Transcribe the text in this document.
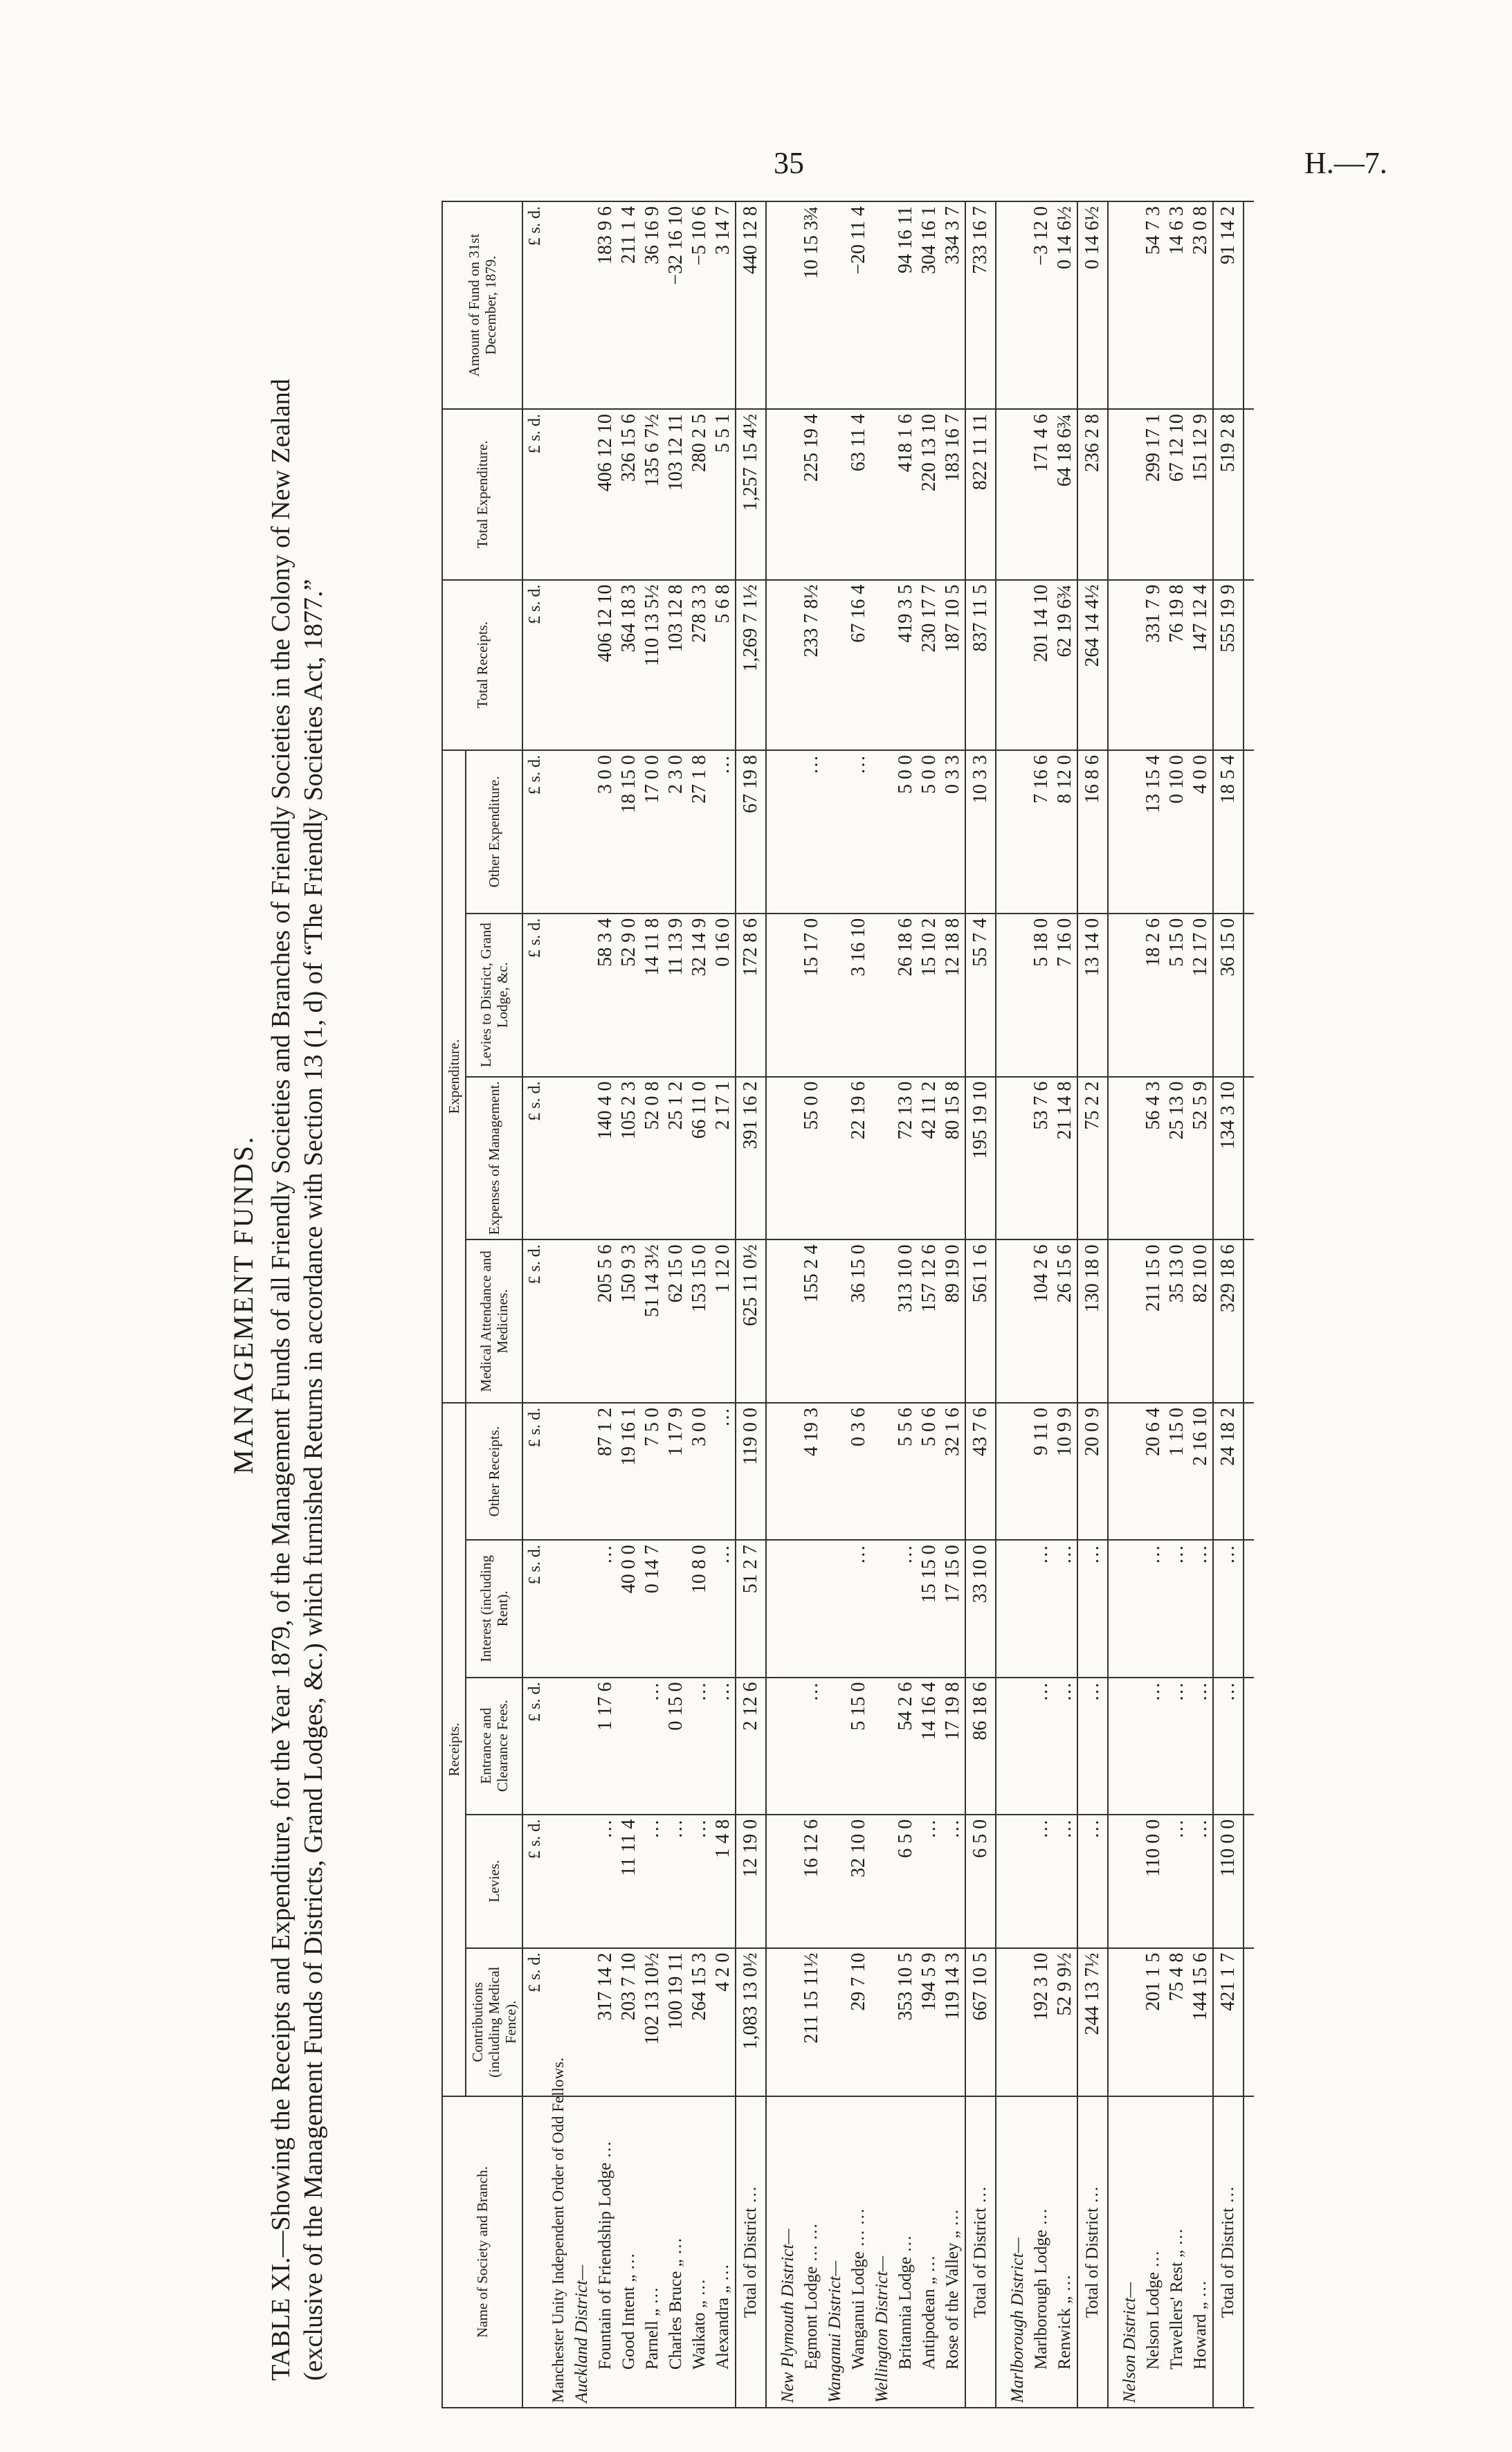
35	H.—7.
MANAGEMENT FUNDS. TABLE XI.—Showing the Receipts and Expenditure, for the Year 1879, of the Management Funds of all Friendly Societies and Branches of Friendly Societies in the Colony of New Zealand (exclusive of the Management Funds of Districts, Grand Lodges, &c.) which furnished Returns in accordance with Section 13 (1, d) of “The Friendly Societies Act, 1877.”	Name of Society and Branch.	Receipts.					Expenditure.				Total Receipts.	Total Expenditure.	Amount of Fund on 31st December, 1879.
	Contributions (including Medical Fence).	Levies.	Entrance and Clearance Fees.	Interest (including Rent).	Other Receipts.	Medical Attendance and Medicines.	Expenses of Management.	Levies to District, Grand Lodge, &c.	Other Expenditure.			
	£ s. d.	£ s. d.	£ s. d.	£ s. d.	£ s. d.	£ s. d.	£ s. d.	£ s. d.	£ s. d.	£ s. d.	£ s. d.	£ s. d.
Manchester Unity Independent Order of Odd Fellows.												
Auckland District—												
Fountain of Friendship Lodge …	317 14 2	…	1 17 6	…	87 1 2	205 5 6	140 4 0	58 3 4	3 0 0	406 12 10	406 12 10	183 9 6
Good Intent „ …	203 7 10	11 11 4		40 0 0	19 16 1	150 9 3	105 2 3	52 9 0	18 15 0	364 18 3	326 15 6	211 1 4
Parnell „ …	102 13 10½	…	…	0 14 7	7 5 0	51 14 3½	52 0 8	14 11 8	17 0 0	110 13 5½	135 6 7½	36 16 9
Charles Bruce „ …	100 19 11	…	0 15 0		1 17 9	62 15 0	25 1 2	11 13 9	2 3 0	103 12 8	103 12 11	−32 16 10
Waikato „ …	264 15 3	…	…	10 8 0	3 0 0	153 15 0	66 11 0	32 14 9	27 1 8	278 3 3	280 2 5	−5 10 6
Alexandra „ …	4 2 0	1 4 8	…	…	…	1 12 0	2 17 1	0 16 0	…	5 6 8	5 5 1	3 14 7
Total of District …	1,083 13 0½	12 19 0	2 12 6	51 2 7	119 0 0	625 11 0½	391 16 2	172 8 6	67 19 8	1,269 7 1½	1,257 15 4½	440 12 8

New Plymouth District—												
Egmont Lodge … …	211 15 11½	16 12 6	…		4 19 3	155 2 4	55 0 0	15 17 0	…	233 7 8½	225 19 4	10 15 3¾
Wanganui District—												
Wanganui Lodge … …	29 7 10	32 10 0	5 15 0	…	0 3 6	36 15 0	22 19 6	3 16 10	…	67 16 4	63 11 4	−20 11 4
Wellington District—												
Britannia Lodge …	353 10 5	6 5 0	54 2 6	…	5 5 6	313 10 0	72 13 0	26 18 6	5 0 0	419 3 5	418 1 6	94 16 11
Antipodean „ …	194 5 9	…	14 16 4	15 15 0	5 0 6	157 12 6	42 11 2	15 10 2	5 0 0	230 17 7	220 13 10	304 16 1
Rose of the Valley „ …	119 14 3	…	17 19 8	17 15 0	32 1 6	89 19 0	80 15 8	12 18 8	0 3 3	187 10 5	183 16 7	334 3 7
Total of District …	667 10 5	6 5 0	86 18 6	33 10 0	43 7 6	561 1 6	195 19 10	55 7 4	10 3 3	837 11 5	822 11 11	733 16 7

Marlborough District—												
Marlborough Lodge …	192 3 10	…	…	…	9 11 0	104 2 6	53 7 6	5 18 0	7 16 6	201 14 10	171 4 6	−3 12 0
Renwick „ …	52 9 9½	…	…	…	10 9 9	26 15 6	21 14 8	7 16 0	8 12 0	62 19 6¾	64 18 6¾	0 14 6½
Total of District …	244 13 7½	…	…	…	20 0 9	130 18 0	75 2 2	13 14 0	16 8 6	264 14 4½	236 2 8	0 14 6½

Nelson District—												
Nelson Lodge …	201 1 5	110 0 0	…	…	20 6 4	211 15 0	56 4 3	18 2 6	13 15 4	331 7 9	299 17 1	54 7 3
Travellers' Rest „ …	75 4 8	…	…	…	1 15 0	35 13 0	25 13 0	5 15 0	0 10 0	76 19 8	67 12 10	14 6 3
Howard „ …	144 15 6	…	…	…	2 16 10	82 10 0	52 5 9	12 17 0	4 0 0	147 12 4	151 12 9	23 0 8
Total of District …	421 1 7	110 0 0	…	…	24 18 2	329 18 6	134 3 10	36 15 0	18 5 4	555 19 9	519 2 8	91 14 2
